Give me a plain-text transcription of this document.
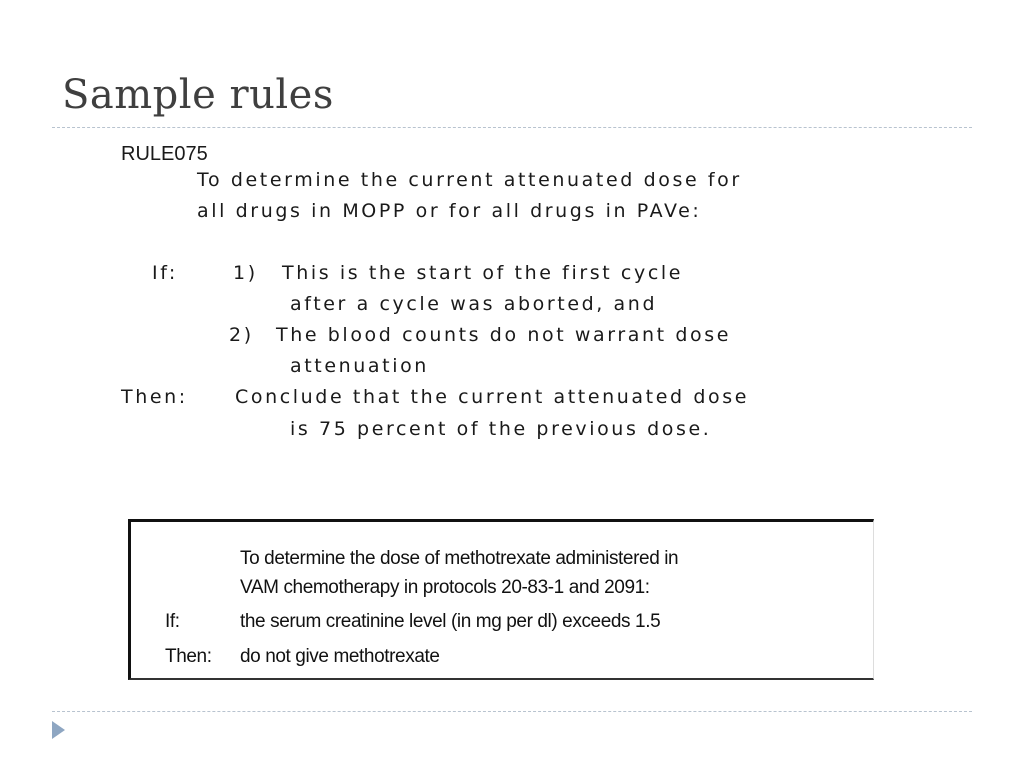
Sample rules
RULE075
To determine the current attenuated dose for
all drugs in MOPP or for all drugs in PAVe:
If:	1) This is the start of the first cycle
after a cycle was aborted, and
2) The blood counts do not warrant dose
attenuation
Then: Conclude that the current attenuated dose
is 75 percent of the previous dose.
To determine the dose of methotrexate administered in
VAM chemotherapy in protocols 20-83-1 and 2091:
If:	the serum creatinine level (in mg per dl) exceeds 1.5
Then: do not give methotrexate
